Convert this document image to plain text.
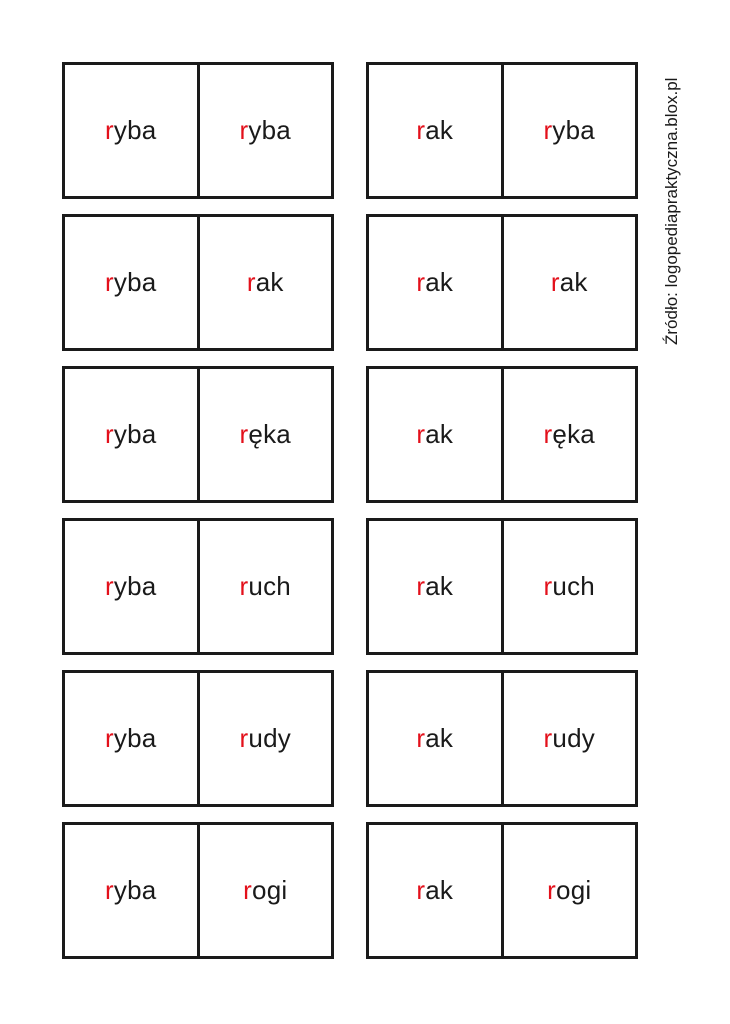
ryba	ryba
ryba	rak
ryba	ręka
ryba	ruch
ryba	rudy
ryba	rogi
rak	ryba
rak	rak
rak	ręka
rak	ruch
rak	rudy
rak	rogi
Źródło: logopediapraktyczna.blox.pl
